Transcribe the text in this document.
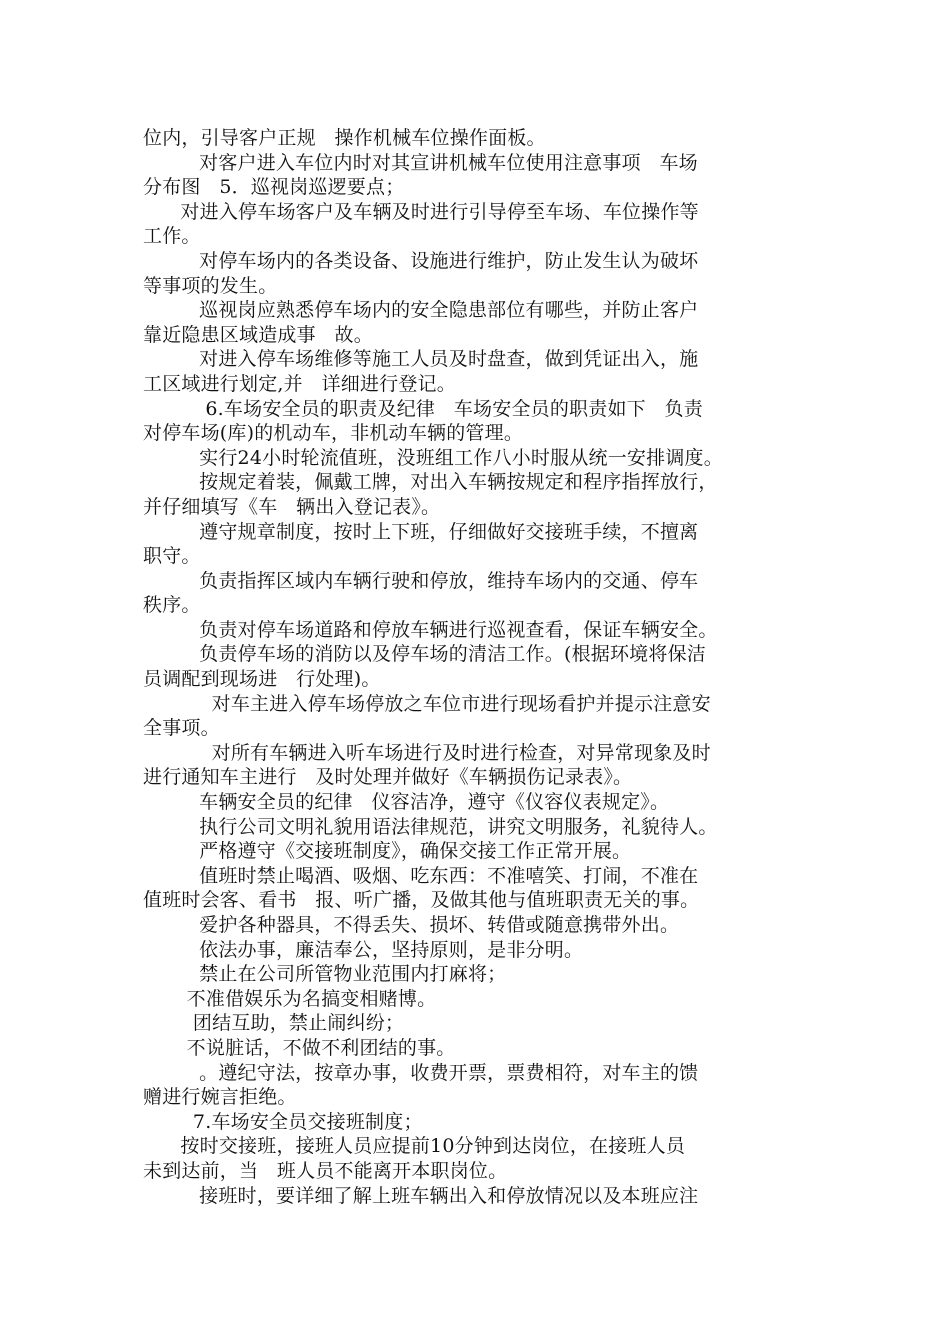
位内，引导客户正规   操作机械车位操作面板。

对客户进入车位内时对其宣讲机械车位使用注意事项   车场

分布图   5．巡视岗巡逻要点；

对进入停车场客户及车辆及时进行引导停至车场、车位操作等

工作。

对停车场内的各类设备、设施进行维护，防止发生认为破坏

等事项的发生。

巡视岗应熟悉停车场内的安全隐患部位有哪些，并防止客户

靠近隐患区域造成事   故。

对进入停车场维修等施工人员及时盘查，做到凭证出入，施

工区域进行划定,并   详细进行登记。

6.车场安全员的职责及纪律   车场安全员的职责如下   负责

对停车场(库)的机动车，非机动车辆的管理。

实行24小时轮流值班，没班组工作八小时服从统一安排调度。

按规定着装，佩戴工牌，对出入车辆按规定和程序指挥放行，

并仔细填写《车   辆出入登记表》。

遵守规章制度，按时上下班，仔细做好交接班手续，不擅离

职守。

负责指挥区域内车辆行驶和停放，维持车场内的交通、停车

秩序。

负责对停车场道路和停放车辆进行巡视查看，保证车辆安全。

负责停车场的消防以及停车场的清洁工作。(根据环境将保洁

员调配到现场进   行处理)。

对车主进入停车场停放之车位市进行现场看护并提示注意安

全事项。

对所有车辆进入听车场进行及时进行检查，对异常现象及时

进行通知车主进行   及时处理并做好《车辆损伤记录表》。

车辆安全员的纪律   仪容洁净，遵守《仪容仪表规定》。

执行公司文明礼貌用语法律规范，讲究文明服务，礼貌待人。

严格遵守《交接班制度》，确保交接工作正常开展。

值班时禁止喝酒、吸烟、吃东西：不准嘻笑、打闹，不准在

值班时会客、看书   报、听广播，及做其他与值班职责无关的事。

爱护各种器具，不得丢失、损坏、转借或随意携带外出。

依法办事，廉洁奉公，坚持原则，是非分明。

禁止在公司所管物业范围内打麻将；

不准借娱乐为名搞变相赌博。

团结互助，禁止闹纠纷；

不说脏话，不做不利团结的事。

。遵纪守法，按章办事，收费开票，票费相符，对车主的馈

赠进行婉言拒绝。

7.车场安全员交接班制度；

按时交接班，接班人员应提前10分钟到达岗位，在接班人员

未到达前，当   班人员不能离开本职岗位。

接班时，要详细了解上班车辆出入和停放情况以及本班应注
